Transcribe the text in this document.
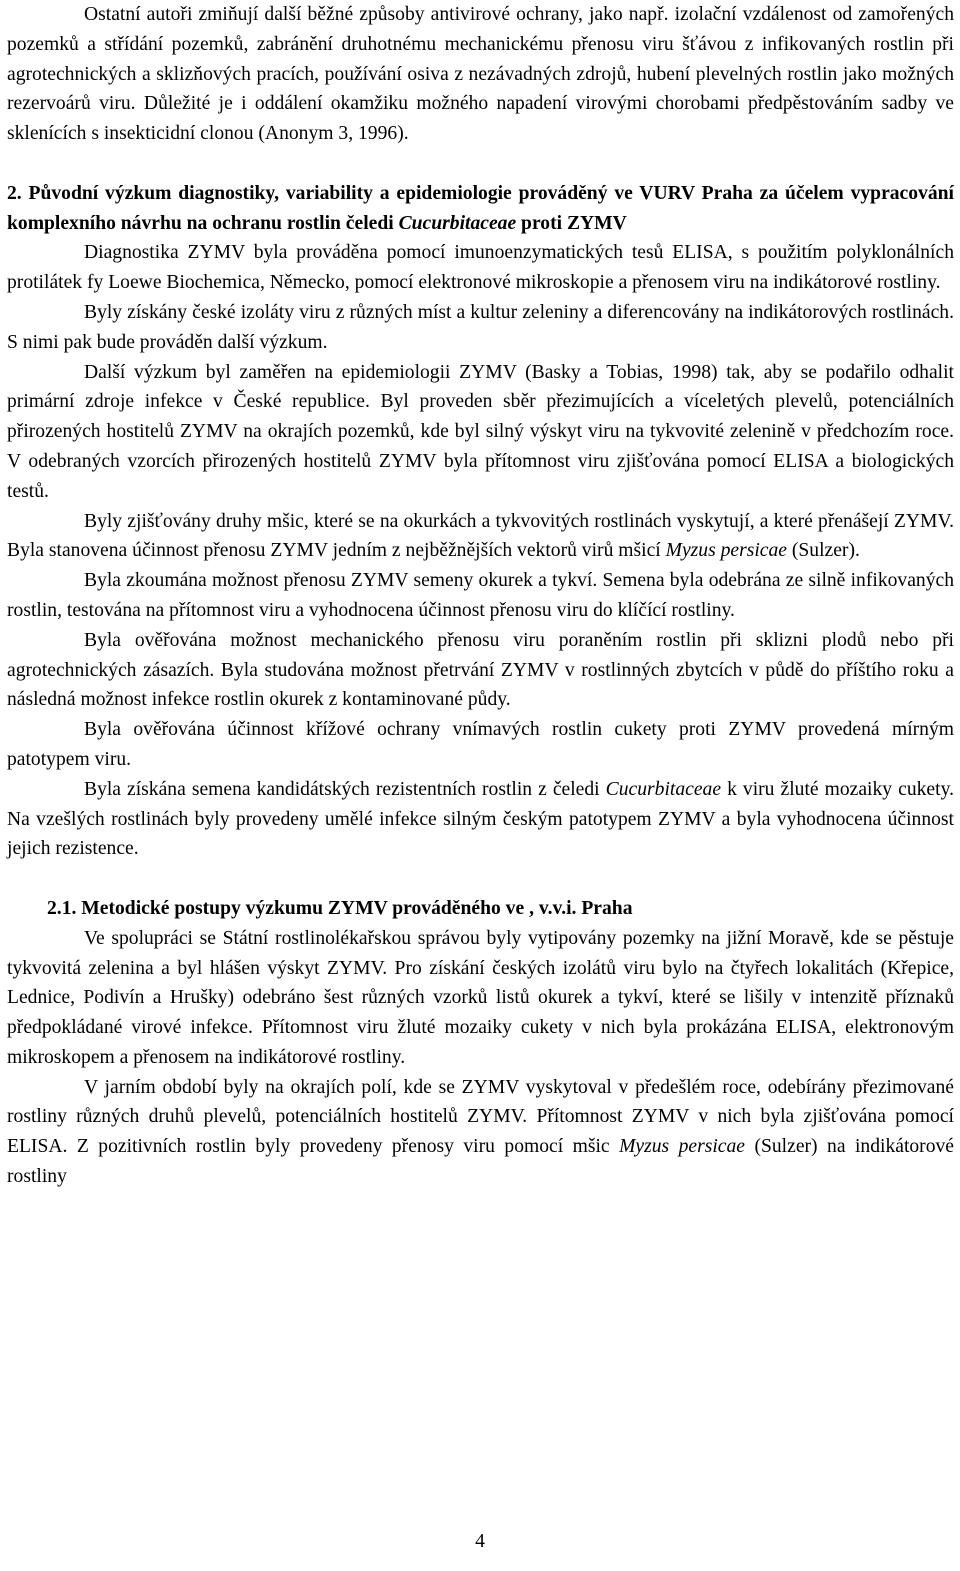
Ostatní autoři zmiňují další běžné způsoby antivirové ochrany, jako např. izolační vzdálenost od zamořených pozemků a střídání pozemků, zabránění druhotnému mechanickému přenosu viru šťávou z infikovaných rostlin při agrotechnických a sklizňových pracích, používání osiva z nezávadných zdrojů, hubení plevelných rostlin jako možných rezervoárů viru. Důležité je i oddálení okamžiku možného napadení virovými chorobami předpěstováním sadby ve sklenících s insekticidní clonou (Anonym 3, 1996).

2. Původní výzkum diagnostiky, variability a epidemiologie prováděný ve VURV Praha za účelem vypracování komplexního návrhu na ochranu rostlin čeledi Cucurbitaceae proti ZYMV

Diagnostika ZYMV byla prováděna pomocí imunoenzymatických tesů ELISA, s použitím polyklonálních protilátek fy Loewe Biochemica, Německo, pomocí elektronové mikroskopie a přenosem viru na indikátorové rostliny.

Byly získány české izoláty viru z různých míst a kultur zeleniny a diferencovány na indikátorových rostlinách. S nimi pak bude prováděn další výzkum.

Další výzkum byl zaměřen na epidemiologii ZYMV (Basky a Tobias, 1998) tak, aby se podařilo odhalit primární zdroje infekce v České republice. Byl proveden sběr přezimujících a víceletých plevelů, potenciálních přirozených hostitelů ZYMV na okrajích pozemků, kde byl silný výskyt viru na tykvovité zelenině v předchozím roce. V odebraných vzorcích přirozených hostitelů ZYMV byla přítomnost viru zjišťována pomocí ELISA a biologických testů.

Byly zjišťovány druhy mšic, které se na okurkách a tykvovitých rostlinách vyskytují, a které přenášejí ZYMV. Byla stanovena účinnost přenosu ZYMV jedním z nejběžnějších vektorů virů mšicí Myzus persicae (Sulzer).

Byla zkoumána možnost přenosu ZYMV semeny okurek a tykví. Semena byla odebrána ze silně infikovaných rostlin, testována na přítomnost viru a vyhodnocena účinnost přenosu viru do klíčící rostliny.

Byla ověřována možnost mechanického přenosu viru poraněním rostlin při sklizni plodů nebo při agrotechnických zásazích. Byla studována možnost přetrvání ZYMV v rostlinných zbytcích v půdě do příštího roku a následná možnost infekce rostlin okurek z kontaminované půdy.

Byla ověřována účinnost křížové ochrany vnímavých rostlin cukety proti ZYMV provedená mírným patotypem viru.

Byla získána semena kandidátských rezistentních rostlin z čeledi Cucurbitaceae k viru žluté mozaiky cukety. Na vzešlých rostlinách byly provedeny umělé infekce silným českým patotypem ZYMV a byla vyhodnocena účinnost jejich rezistence.

2.1. Metodické postupy výzkumu ZYMV prováděného ve , v.v.i. Praha

Ve spolupráci se Státní rostlinolékařskou správou byly vytipovány pozemky na jižní Moravě, kde se pěstuje tykvovitá zelenina a byl hlášen výskyt ZYMV. Pro získání českých izolátů viru bylo na čtyřech lokalitách (Křepice, Lednice, Podivín a Hrušky) odebráno šest různých vzorků listů okurek a tykví, které se lišily v intenzitě příznaků předpokládané virové infekce. Přítomnost viru žluté mozaiky cukety v nich byla prokázána ELISA, elektronovým mikroskopem a přenosem na indikátorové rostliny.

V jarním období byly na okrajích polí, kde se ZYMV vyskytoval v předešlém roce, odebírány přezimované rostliny různých druhů plevelů, potenciálních hostitelů ZYMV. Přítomnost ZYMV v nich byla zjišťována pomocí ELISA. Z pozitivních rostlin byly provedeny přenosy viru pomocí mšic Myzus persicae (Sulzer) na indikátorové rostliny

4
